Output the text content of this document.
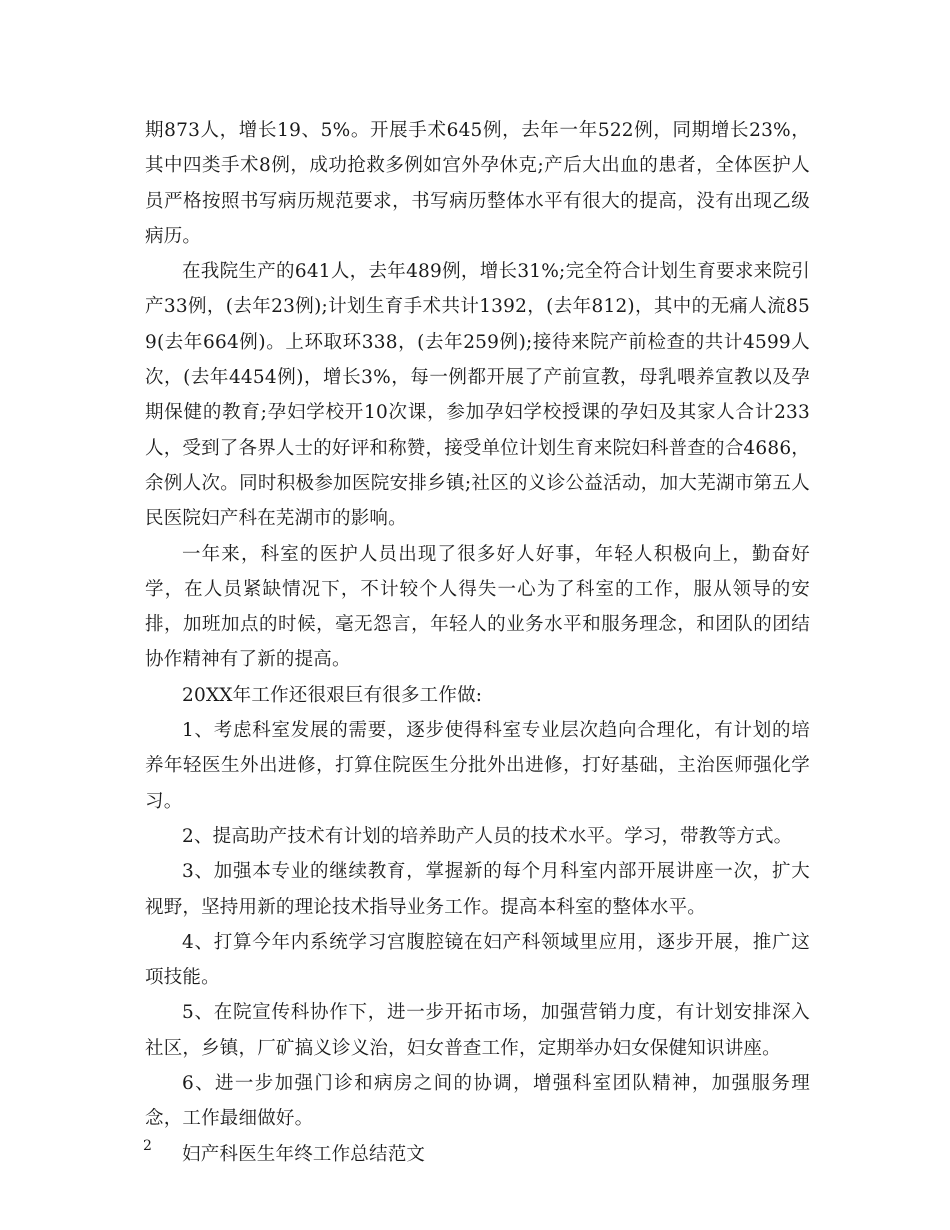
期873人，增长19、5%。开展手术645例，去年一年522例，同期增长23%，其中四类手术8例，成功抢救多例如宫外孕休克;产后大出血的患者，全体医护人员严格按照书写病历规范要求，书写病历整体水平有很大的提高，没有出现乙级病历。

在我院生产的641人，去年489例，增长31%;完全符合计划生育要求来院引产33例，(去年23例);计划生育手术共计1392，(去年812)，其中的无痛人流859(去年664例)。上环取环338，(去年259例);接待来院产前检查的共计4599人次，(去年4454例)，增长3%，每一例都开展了产前宣教，母乳喂养宣教以及孕期保健的教育;孕妇学校开10次课，参加孕妇学校授课的孕妇及其家人合计233人，受到了各界人士的好评和称赞，接受单位计划生育来院妇科普查的合4686，余例人次。同时积极参加医院安排乡镇;社区的义诊公益活动，加大芜湖市第五人民医院妇产科在芜湖市的影响。

一年来，科室的医护人员出现了很多好人好事，年轻人积极向上，勤奋好学，在人员紧缺情况下，不计较个人得失一心为了科室的工作，服从领导的安排，加班加点的时候，毫无怨言，年轻人的业务水平和服务理念，和团队的团结协作精神有了新的提高。

20XX年工作还很艰巨有很多工作做:

1、考虑科室发展的需要，逐步使得科室专业层次趋向合理化，有计划的培养年轻医生外出进修，打算住院医生分批外出进修，打好基础，主治医师强化学习。

2、提高助产技术有计划的培养助产人员的技术水平。学习，带教等方式。

3、加强本专业的继续教育，掌握新的每个月科室内部开展讲座一次，扩大视野，坚持用新的理论技术指导业务工作。提高本科室的整体水平。

4、打算今年内系统学习宫腹腔镜在妇产科领域里应用，逐步开展，推广这项技能。

5、在院宣传科协作下，进一步开拓市场，加强营销力度，有计划安排深入社区，乡镇，厂矿搞义诊义治，妇女普查工作，定期举办妇女保健知识讲座。

6、进一步加强门诊和病房之间的协调，增强科室团队精神，加强服务理念，工作最细做好。

妇产科医生年终工作总结范文

2
